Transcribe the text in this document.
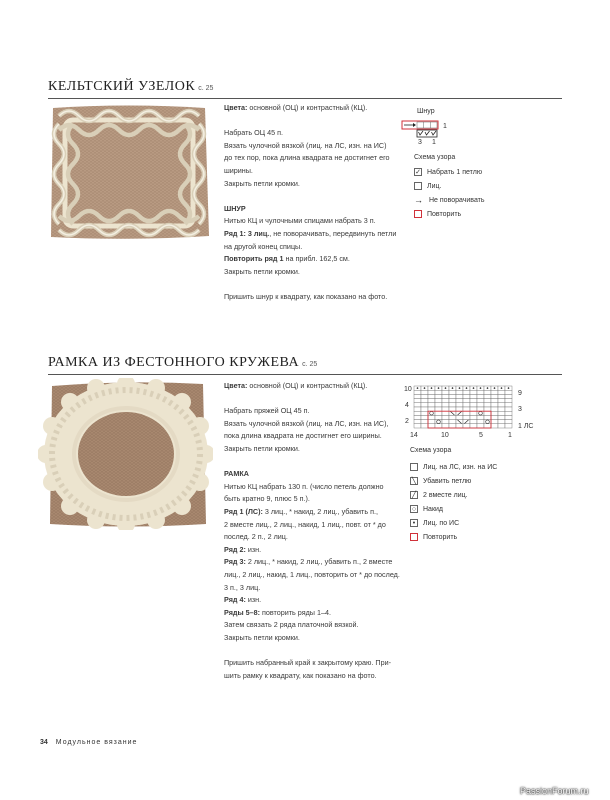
КЕЛЬТСКИЙ УЗЕЛОК с. 25

Цвета: основной (ОЦ) и контрастный (КЦ).

Набрать ОЦ 45 п.

Вязать чулочной вязкой (лиц. на ЛС, изн. на ИС)

до тех пор, пока длина квадрата не достигнет его

ширины.

Закрыть петли кромки.

ШНУР

Нитью КЦ и чулочными спицами набрать 3 п.

Ряд 1: 3 лиц., не поворачивать, передвинуть петли

на другой конец спицы.

Повторить ряд 1 на прибл. 162,5 см.

Закрыть петли кромки.

Пришить шнур к квадрату, как показано на фото.

Шнур
1
3 1
Схема узора
✓ Набрать 1 петлю
Лиц.
→ Не поворачивать
Повторить
РАМКА ИЗ ФЕСТОННОГО КРУЖЕВА с. 25

Цвета: основной (ОЦ) и контрастный (КЦ).

Набрать пряжей ОЦ 45 п.

Вязать чулочной вязкой (лиц. на ЛС, изн. на ИС),

пока длина квадрата не достигнет его ширины.

Закрыть петли кромки.

РАМКА

Нитью КЦ набрать 130 п. (число петель должно

быть кратно 9, плюс 5 п.).

Ряд 1 (ЛС): 3 лиц., * накид, 2 лиц., убавить п.,

2 вместе лиц., 2 лиц., накид, 1 лиц., повт. от * до

послед. 2 п., 2 лиц.

Ряд 2: изн.

Ряд 3: 2 лиц., * накид, 2 лиц., убавить п., 2 вместе

лиц., 2 лиц., накид, 1 лиц., повторить от * до послед.

3 п., 3 лиц.

Ряд 4: изн.

Ряды 5–8: повторить ряды 1–4.

Затем связать 2 ряда платочной вязкой.

Закрыть петли кромки.

Пришить набранный край к закрытому краю. При-

шить рамку к квадрату, как показано на фото.

10
4
2
9
3
1 ЛС
14	10	5	1
Схема узора
Лиц. на ЛС, изн. на ИС
╲ Убавить петлю
╱ 2 вместе лиц.
○ Накид
•	Лиц. по ИС
Повторить
34 Модульное вязание
PassionForum.ru
